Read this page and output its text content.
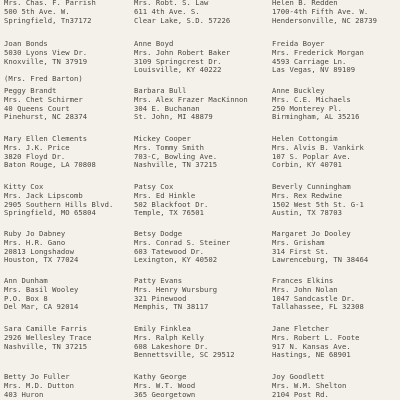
Mrs. Chas. F. Parrish
500 5th Ave. W.
Springfield, Tn37172
Joan Bonds
5030 Lyons View Dr.
Knoxville, TN 37919

(Mrs. Fred Barton)
Peggy Brandt
Mrs. Chet Schirmer
40 Queens Court
Pinehurst, NC 28374
Mary Ellen Clements
Mrs. J.K. Price
3820 Floyd Dr.
Baton Rouge, LA 70808
Kitty Cox
Mrs. Jack Lipscomb
2905 Southern Hills Blvd.
Springfield, MO 65804
Ruby Jo Dabney
Mrs. H.R. Gano
20813 Longshadow
Houston, TX 77024
Ann Dunham
Mrs. Basil Wooley
P.O. Box 8
Del Mar, CA 92014
Sara Camille Farris
2926 Wellesley Trace
Nashville, TN 37215
Betty Jo Fuller
Mrs. M.D. Dutton
403 Huron
Mrs. Robt. S. Law
611 4th Ave. S.
Clear Lake, S.D. 57226
Anne Boyd
Mrs. John Robert Baker
3109 Springcrest Dr.
Louisville, KY 40222
Barbara Bull
Mrs. Alex Frazer MacKinnon
304 E. Buchanan
St. John, MI 48879
Mickey Cooper
Mrs. Tommy Smith
703-C, Bowling Ave.
Nashville, TN 37215
Patsy Cox
Mrs. Ed Hinkle
502 Blackfoot Dr.
Temple, TX 76501
Betsy Dodge
Mrs. Conrad S. Steiner
603 Tatewood Dr.
Lexington, KY 40502
Patty Evans
Mrs. Henry Wursburg
321 Pinewood
Memphis, TN 38117
Emily Finklea
Mrs. Ralph Kelly
608 Lakeshore Dr.
Bennettsville, SC 29512
Kathy George
Mrs. W.T. Wood
365 Georgetown
Helen B. Redden
1700-4th Fifth Ave. W.
Hendersonville, NC 28739
Freida Boyer
Mrs. Frederick Morgan
4593 Carriage Ln.
Las Vegas, NV 89109
Anne Buckley
Mrs. C.E. Michaels
250 Monterey Pl.
Birmingham, AL 35216
Helen Cottongim
Mrs. Alvis B. Vankirk
107 S. Poplar Ave.
Corbin, KY 40701
Beverly Cunningham
Mrs. Rex Redwine
1502 West 5th St. G-1
Austin, TX 78703
Margaret Jo Dooley
Mrs. Grisham
314 First St.
Lawrenceburg, TN 38464
Frances Elkins
Mrs. John Nolan
1047 Sandcastle Dr.
Tallahassee, FL 32308
Jane Fletcher
Mrs. Robert L. Foote
917 N. Kansas Ave.
Hastings, NE 68901
Joy Goodlett
Mrs. W.M. Shelton
2104 Post Rd.
